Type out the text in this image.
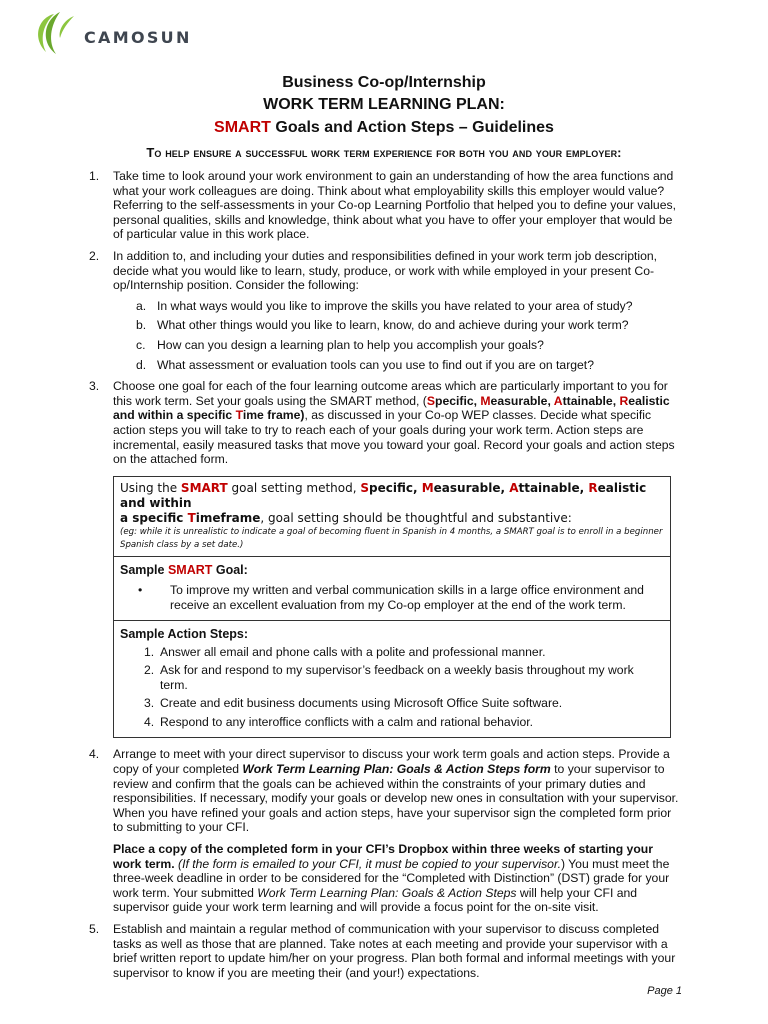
CAMOSUN
Business Co-op/Internship
WORK TERM LEARNING PLAN:
SMART Goals and Action Steps – Guidelines
To help ensure a successful work term experience for both you and your employer:
1. Take time to look around your work environment to gain an understanding of how the area functions and what your work colleagues are doing. Think about what employability skills this employer would value? Referring to the self-assessments in your Co-op Learning Portfolio that helped you to define your values, personal qualities, skills and knowledge, think about what you have to offer your employer that would be of particular value in this work place.
2. In addition to, and including your duties and responsibilities defined in your work term job description, decide what you would like to learn, study, produce, or work with while employed in your present Co-op/Internship position. Consider the following:
a. In what ways would you like to improve the skills you have related to your area of study?
b. What other things would you like to learn, know, do and achieve during your work term?
c. How can you design a learning plan to help you accomplish your goals?
d. What assessment or evaluation tools can you use to find out if you are on target?
3. Choose one goal for each of the four learning outcome areas which are particularly important to you for this work term. Set your goals using the SMART method, (Specific, Measurable, Attainable, Realistic and within a specific Time frame), as discussed in your Co-op WEP classes. Decide what specific action steps you will take to try to reach each of your goals during your work term. Action steps are incremental, easily measured tasks that move you toward your goal. Record your goals and action steps on the attached form.
Using the SMART goal setting method, Specific, Measurable, Attainable, Realistic and within
a specific Timeframe, goal setting should be thoughtful and substantive:
(eg: while it is unrealistic to indicate a goal of becoming fluent in Spanish in 4 months, a SMART goal is to enroll in a beginner Spanish class by a set date.)
Sample SMART Goal:
• To improve my written and verbal communication skills in a large office environment and receive an excellent evaluation from my Co-op employer at the end of the work term.
Sample Action Steps:
1. Answer all email and phone calls with a polite and professional manner.
2. Ask for and respond to my supervisor’s feedback on a weekly basis throughout my work term.
3. Create and edit business documents using Microsoft Office Suite software.
4. Respond to any interoffice conflicts with a calm and rational behavior.
4. Arrange to meet with your direct supervisor to discuss your work term goals and action steps. Provide a copy of your completed Work Term Learning Plan: Goals & Action Steps form to your supervisor to review and confirm that the goals can be achieved within the constraints of your primary duties and responsibilities. If necessary, modify your goals or develop new ones in consultation with your supervisor. When you have refined your goals and action steps, have your supervisor sign the completed form prior to submitting to your CFI.
Place a copy of the completed form in your CFI’s Dropbox within three weeks of starting your work term. (If the form is emailed to your CFI, it must be copied to your supervisor.) You must meet the three-week deadline in order to be considered for the “Completed with Distinction” (DST) grade for your work term. Your submitted Work Term Learning Plan: Goals & Action Steps will help your CFI and supervisor guide your work term learning and will provide a focus point for the on-site visit.
5. Establish and maintain a regular method of communication with your supervisor to discuss completed tasks as well as those that are planned. Take notes at each meeting and provide your supervisor with a brief written report to update him/her on your progress. Plan both formal and informal meetings with your supervisor to know if you are meeting their (and your!) expectations.
Page 1
